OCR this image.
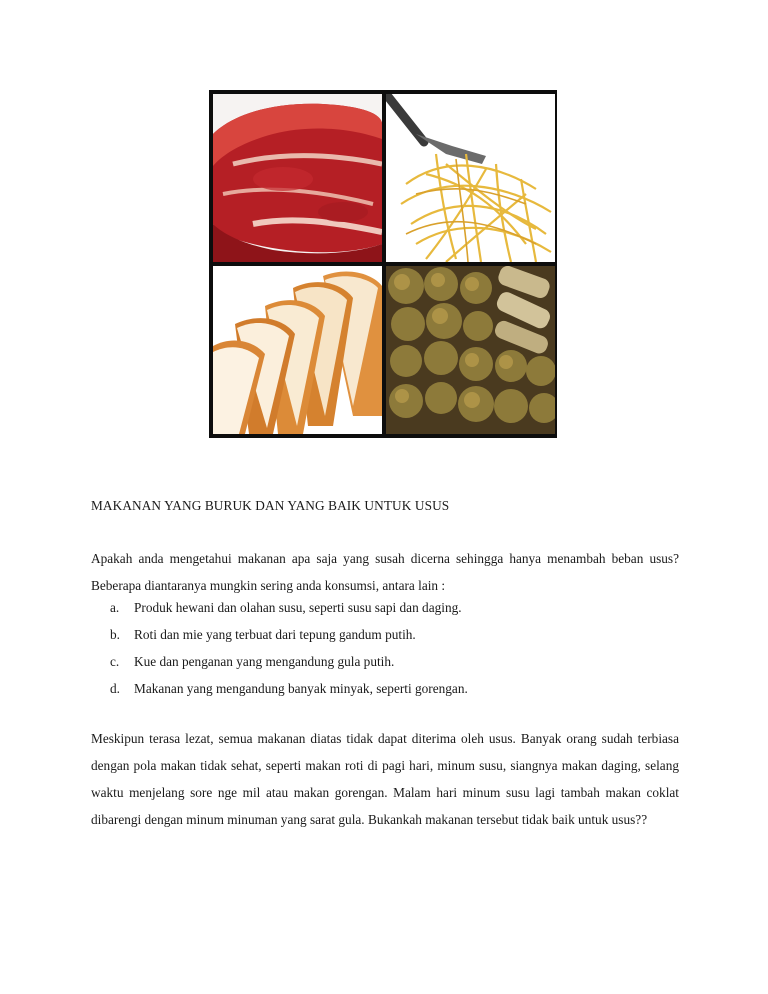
MAKANAN YANG BURUK DAN YANG BAIK UNTUK USUS

Apakah anda mengetahui makanan apa saja yang susah dicerna sehingga hanya menambah beban usus? Beberapa diantaranya mungkin sering anda konsumsi, antara lain :

a. Produk hewani dan olahan susu, seperti susu sapi dan daging.
b. Roti dan mie yang terbuat dari tepung gandum putih.
c. Kue dan penganan yang mengandung gula putih.
d. Makanan yang mengandung banyak minyak, seperti gorengan.

Meskipun terasa lezat, semua makanan diatas tidak dapat diterima oleh usus. Banyak orang sudah terbiasa dengan pola makan tidak sehat, seperti makan roti di pagi hari, minum susu, siangnya makan daging, selang waktu menjelang sore nge mil atau makan gorengan. Malam hari minum susu lagi tambah makan coklat dibarengi dengan minum minuman yang sarat gula. Bukankah makanan tersebut tidak baik untuk usus??
